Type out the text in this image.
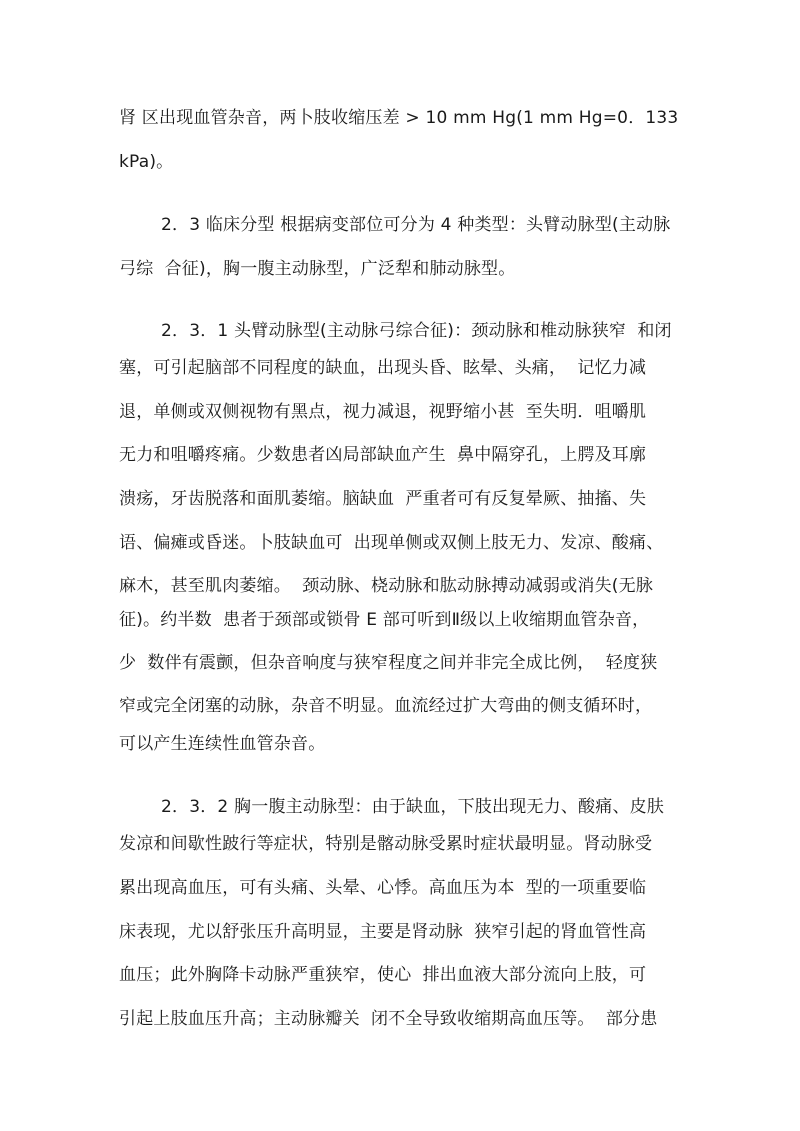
肾 区出现血管杂音，两卜肢收缩压差 > 10 mm Hg(1 mm Hg=0．133
kPa)。
2．3 临床分型 根据病变部位可分为 4 种类型：头臂动脉型(主动脉
弓综  合征)，胸一腹主动脉型，广泛犁和肺动脉型。
2．3．1 头臂动脉型(主动脉弓综合征)：颈动脉和椎动脉狭窄  和闭
塞，可引起脑部不同程度的缺血，出现头昏、眩晕、头痛，  记忆力减
退，单侧或双侧视物有黑点，视力减退，视野缩小甚  至失明．咀嚼肌
无力和咀嚼疼痛。少数患者凶局部缺血产生  鼻中隔穿孔，上腭及耳廓
溃疡，牙齿脱落和面肌萎缩。脑缺血  严重者可有反复晕厥、抽搐、失
语、偏瘫或昏迷。卜肢缺血可  出现单侧或双侧上肢无力、发凉、酸痛、
麻木，甚至肌肉萎缩。  颈动脉、桡动脉和肱动脉搏动减弱或消失(无脉
征)。约半数  患者于颈部或锁骨 E 部可听到Ⅱ级以上收缩期血管杂音，
少  数伴有震颤，但杂音响度与狭窄程度之间并非完全成比例，  轻度狭
窄或完全闭塞的动脉，杂音不明显。血流经过扩大弯曲的侧支循环时，
可以产生连续性血管杂音。
2．3．2 胸一腹主动脉型：由于缺血，下肢出现无力、酸痛、皮肤
发凉和间歇性跛行等症状，特别是髂动脉受累时症状最明显。肾动脉受
累出现高血压，可有头痛、头晕、心悸。高血压为本  型的一项重要临
床表现，尤以舒张压升高明显，主要是肾动脉  狭窄引起的肾血管性高
血压；此外胸降卡动脉严重狭窄，使心  排出血液大部分流向上肢，可
引起上肢血压升高；主动脉瓣关  闭不全导致收缩期高血压等。  部分患
